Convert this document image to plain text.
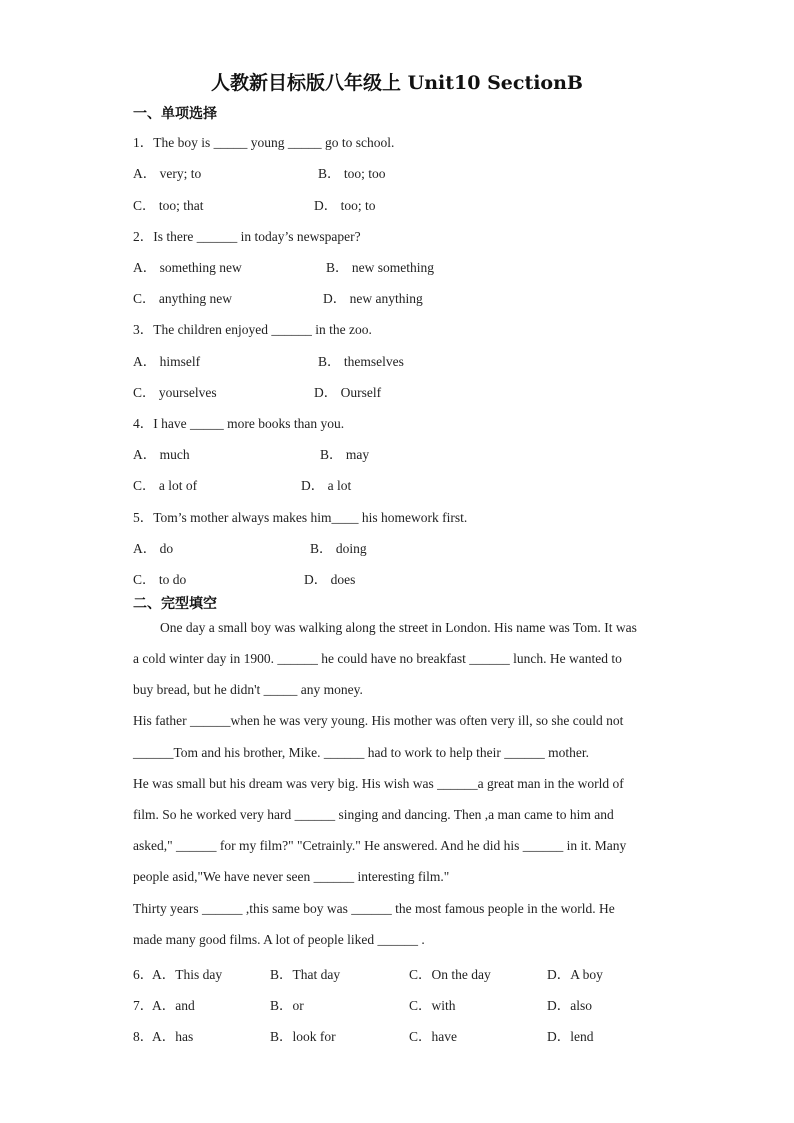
人教新目标版八年级上 Unit10 SectionB
一、单项选择
1．The boy is _____ young _____ go to school.
A． very; to	B． too; too
C． too; that	D． too; to
2．Is there ______ in today’s newspaper?
A． something new	B． new something
C． anything new	D． new anything
3．The children enjoyed ______ in the zoo.
A． himself	B． themselves
C． yourselves	D． Ourself
4．I have _____ more books than you.
A． much	B． may
C． a lot of	D． a lot
5．Tom’s mother always makes him____ his homework first.
A． do	B． doing
C． to do	D． does
二、完型填空
One day a small boy was walking along the street in London. His name was Tom. It was
a cold winter day in 1900. ______ he could have no breakfast ______ lunch. He wanted to
buy bread, but he didn't _____ any money.
His father ______when he was very young. His mother was often very ill, so she could not
______Tom and his brother, Mike. ______ had to work to help their ______ mother.
He was small but his dream was very big. His wish was ______a great man in the world of
film. So he worked very hard ______ singing and dancing. Then ,a man came to him and
asked," ______ for my film?" "Cetrainly." He answered. And he did his ______ in it. Many
people asid,"We have never seen ______ interesting film."
Thirty years ______ ,this same boy was ______ the most famous people in the world. He
made many good films. A lot of people liked ______ .
6．
A．This day	B．That day	C．On the day	D．A boy
7．
A．and	B．or	C．with	D．also
8．
A．has	B．look for	C．have	D．lend
